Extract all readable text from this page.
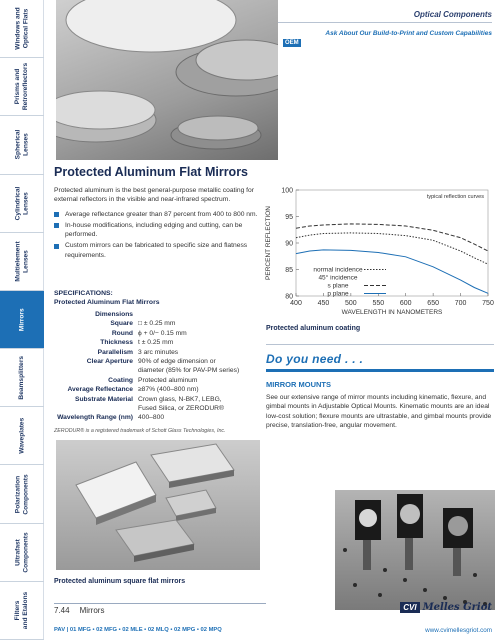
Windows and
Optical Flats
Prisms and
Retroreflectors
Spherical
Lenses
Cylindrical
Lenses
Multielement
Lenses
Mirrors
Beamsplitters
Waveplates
Polarization
Components
Ultrafast
Components
Filters
and Etalons
Optical Components
OEM
Ask About Our Build-to-Print and Custom Capabilities
Protected Aluminum Flat Mirrors
Protected aluminum is the best general-purpose metallic coating for external reflectors in the visible and near-infrared spectrum.
Average reflectance greater than 87 percent from 400 to 800 nm.
In-house modifications, including edging and cutting, can be performed.
Custom mirrors can be fabricated to specific size and flatness requirements.
SPECIFICATIONS:
Protected Aluminum Flat Mirrors
Dimensions
Square □ ± 0.25 mm
Round ϕ + 0/− 0.15 mm
Thickness t ± 0.25 mm
Parallelism 3 arc minutes
Clear Aperture 90% of edge dimension or
diameter (85% for PAV-PM series)
Coating Protected aluminum
Average Reflectance ≥87% (400–800 nm)
Substrate Material Crown glass, N-BK7, LEBG,
Fused Silica, or ZERODUR®
Wavelength Range (nm) 400–800
ZERODUR® is a registered trademark of Schott Glass Technologies, Inc.
80
85
90
95
100
400 450 500 550 600 650 700 750
WAVELENGTH IN NANOMETERS
PERCENT REFLECTION
typical reflection curves
normal incidence
45° incidence
s plane
p plane
Protected aluminum coating
Do you need . . .
MIRROR MOUNTS
See our extensive range of mirror mounts including kinematic, flexure, and gimbal mounts in Adjustable Optical Mounts. Kinematic mounts are an ideal low-cost solution; flexure mounts are ultrastable, and gimbal mounts provide precise, translation-free, angular movement.
Protected aluminum square flat mirrors
7.44 Mirrors
PAV | 01 MFG • 02 MFG • 02 MLE • 02 MLQ • 02 MPG • 02 MPQ
CVI Melles Griot
www.cvimellesgriot.com
